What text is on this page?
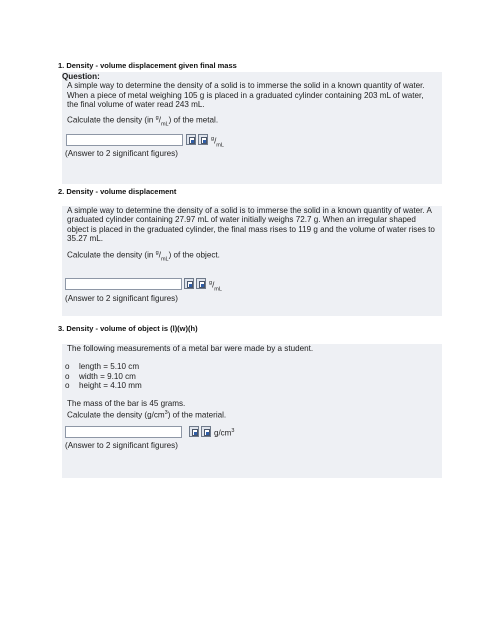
1. Density - volume displacement given final mass

Question:

A simple way to determine the density of a solid is to immerse the solid in a known quantity of water. When a piece of metal weighing 105 g is placed in a graduated cylinder containing 203 mL of water, the final volume of water read 243 mL.

Calculate the density (in $^g/_{mL}$) of the metal.

$^g/_{mL}$

(Answer to 2 significant figures)

2. Density - volume displacement

A simple way to determine the density of a solid is to immerse the solid in a known quantity of water. A graduated cylinder containing 27.97 mL of water initially weighs 72.7 g. When an irregular shaped object is placed in the graduated cylinder, the final mass rises to 119 g and the volume of water rises to 35.27 mL.

Calculate the density (in $^g/_{mL}$) of the object.

$^g/_{mL}$

(Answer to 2 significant figures)

3. Density - volume of object is (l)(w)(h)

The following measurements of a metal bar were made by a student.

o	length = 5.10 cm
o	width = 9.10 cm
o	height = 4.10 mm

The mass of the bar is 45 grams.

Calculate the density $(g/cm^3)$ of the material.

$g/cm^3$

(Answer to 2 significant figures)
